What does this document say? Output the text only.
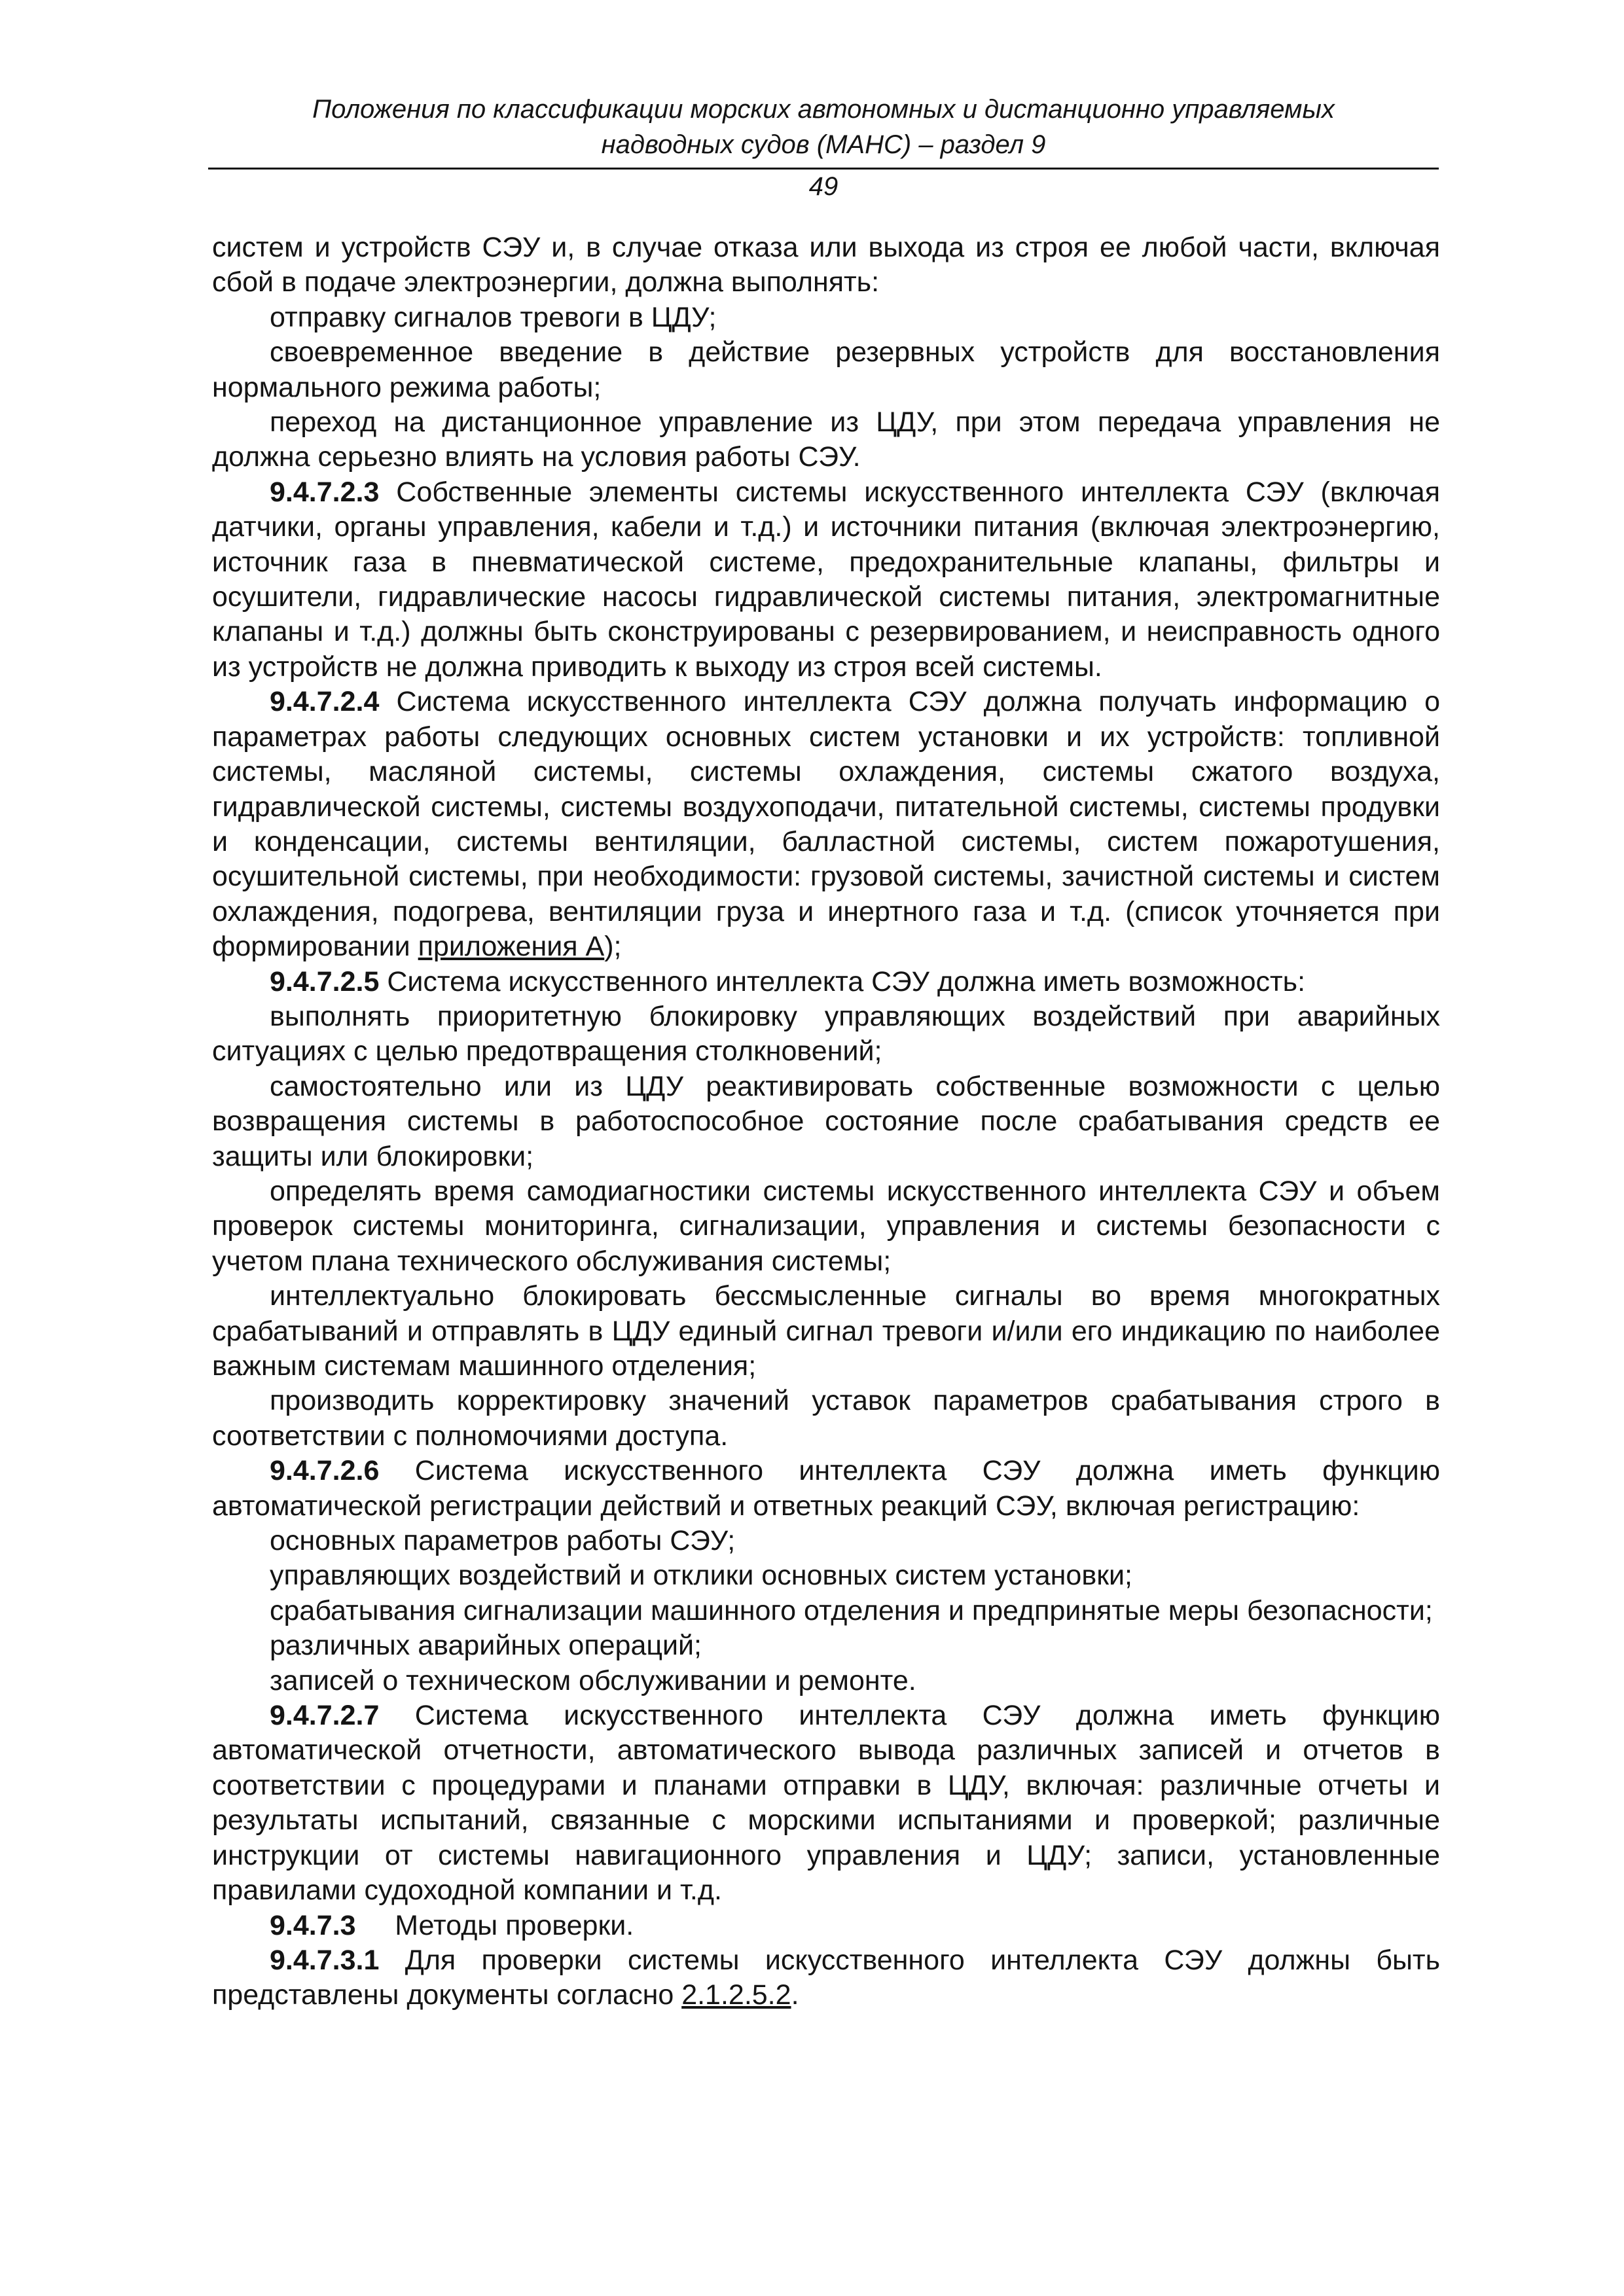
Положения по классификации морских автономных и дистанционно управляемых
надводных судов (МАНС) – раздел 9
49

систем и устройств СЭУ и, в случае отказа или выхода из строя ее любой части, включая сбой в подаче электроэнергии, должна выполнять:

отправку сигналов тревоги в ЦДУ;

своевременное введение в действие резервных устройств для восстановления нормального режима работы;

переход на дистанционное управление из ЦДУ, при этом передача управления не должна серьезно влиять на условия работы СЭУ.

9.4.7.2.3 Собственные элементы системы искусственного интеллекта СЭУ (включая датчики, органы управления, кабели и т.д.) и источники питания (включая электроэнергию, источник газа в пневматической системе, предохранительные клапаны, фильтры и осушители, гидравлические насосы гидравлической системы питания, электромагнитные клапаны и т.д.) должны быть сконструированы с резервированием, и неисправность одного из устройств не должна приводить к выходу из строя всей системы.

9.4.7.2.4 Система искусственного интеллекта СЭУ должна получать информацию о параметрах работы следующих основных систем установки и их устройств: топливной системы, масляной системы, системы охлаждения, системы сжатого воздуха, гидравлической системы, системы воздухоподачи, питательной системы, системы продувки и конденсации, системы вентиляции, балластной системы, систем пожаротушения, осушительной системы, при необходимости: грузовой системы, зачистной системы и систем охлаждения, подогрева, вентиляции груза и инертного газа и т.д. (список уточняется при формировании приложения А);

9.4.7.2.5 Система искусственного интеллекта СЭУ должна иметь возможность:

выполнять приоритетную блокировку управляющих воздействий при аварийных ситуациях с целью предотвращения столкновений;

самостоятельно или из ЦДУ реактивировать собственные возможности с целью возвращения системы в работоспособное состояние после срабатывания средств ее защиты или блокировки;

определять время самодиагностики системы искусственного интеллекта СЭУ и объем проверок системы мониторинга, сигнализации, управления и системы безопасности с учетом плана технического обслуживания системы;

интеллектуально блокировать бессмысленные сигналы во время многократных срабатываний и отправлять в ЦДУ единый сигнал тревоги и/или его индикацию по наиболее важным системам машинного отделения;

производить корректировку значений уставок параметров срабатывания строго в соответствии с полномочиями доступа.

9.4.7.2.6 Система искусственного интеллекта СЭУ должна иметь функцию автоматической регистрации действий и ответных реакций СЭУ, включая регистрацию:

основных параметров работы СЭУ;

управляющих воздействий и отклики основных систем установки;

срабатывания сигнализации машинного отделения и предпринятые меры безопасности;

различных аварийных операций;

записей о техническом обслуживании и ремонте.

9.4.7.2.7 Система искусственного интеллекта СЭУ должна иметь функцию автоматической отчетности, автоматического вывода различных записей и отчетов в соответствии с процедурами и планами отправки в ЦДУ, включая: различные отчеты и результаты испытаний, связанные с морскими испытаниями и проверкой; различные инструкции от системы навигационного управления и ЦДУ; записи, установленные правилами судоходной компании и т.д.

9.4.7.3     Методы проверки.

9.4.7.3.1 Для проверки системы искусственного интеллекта СЭУ должны быть представлены документы согласно 2.1.2.5.2.
